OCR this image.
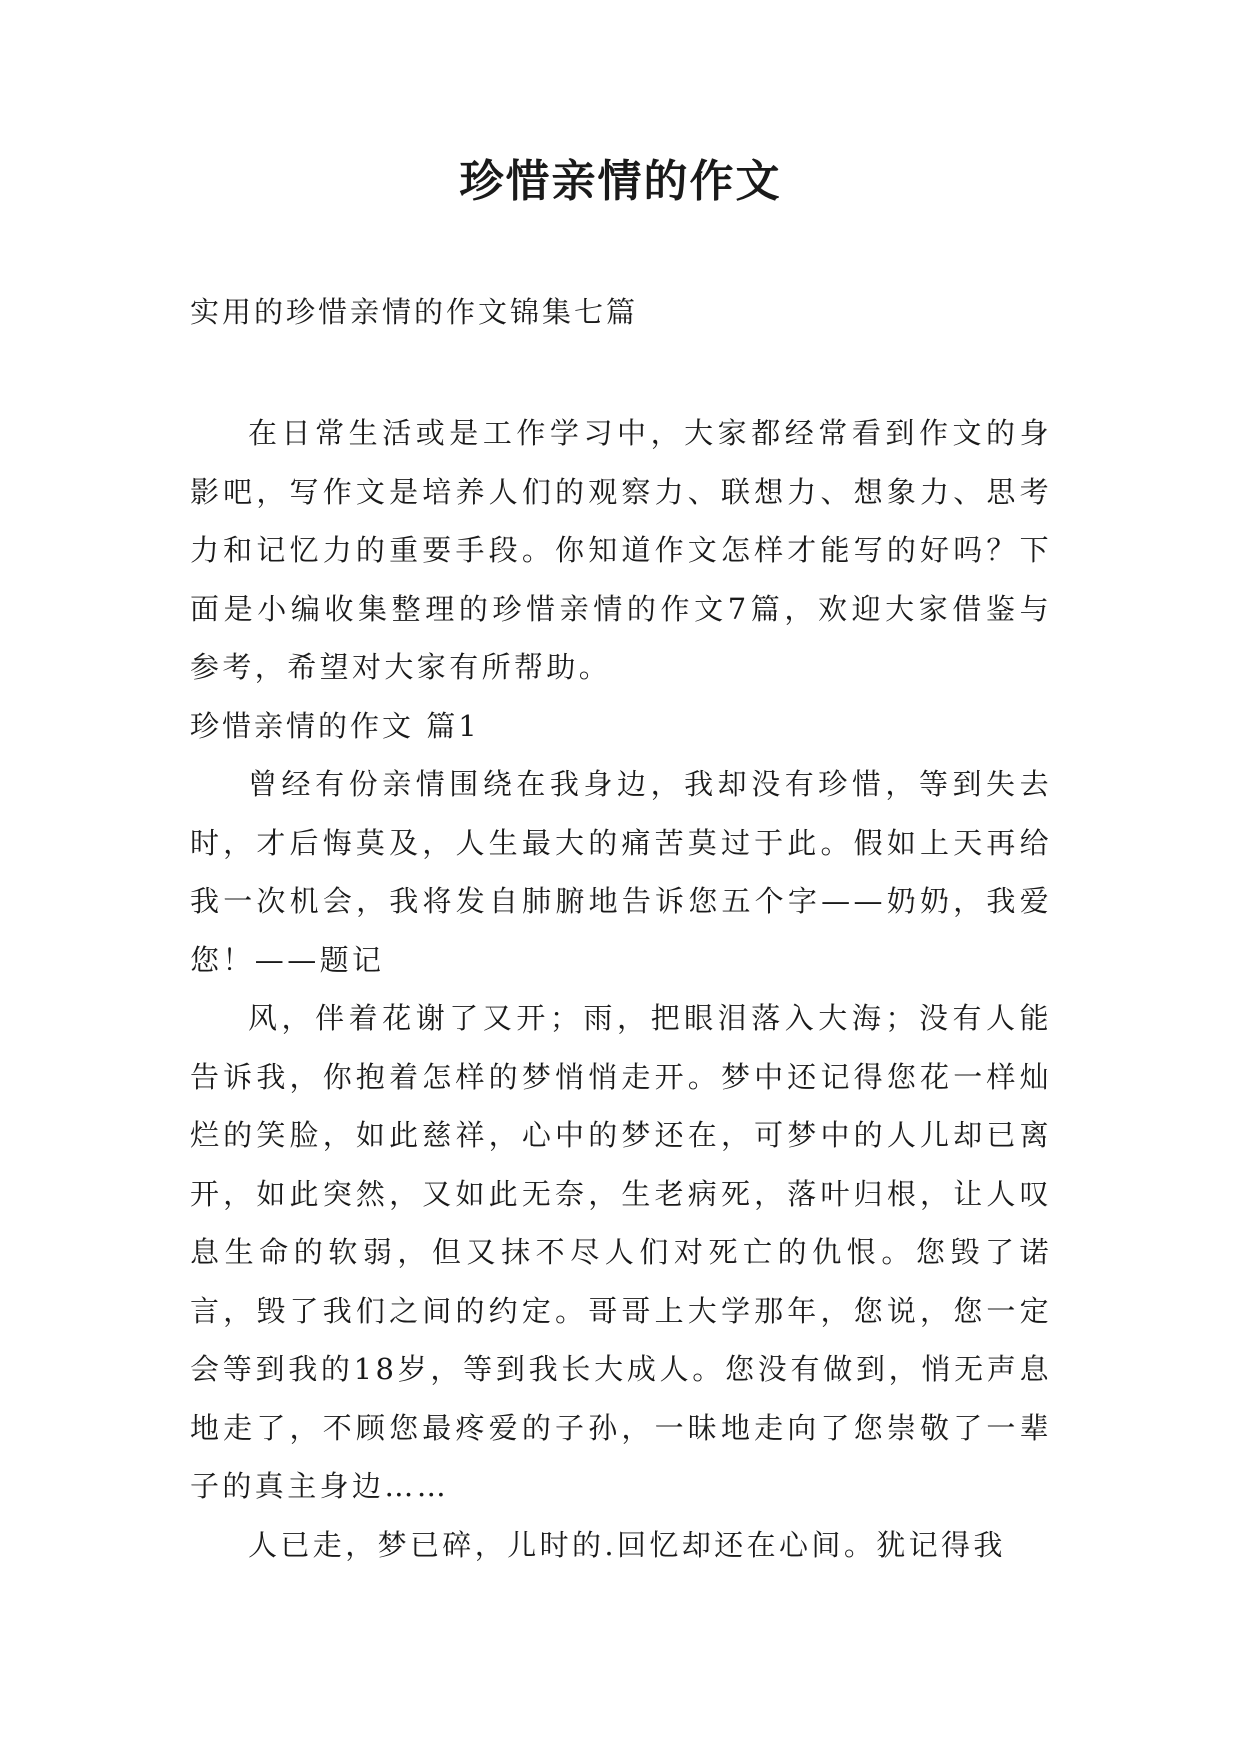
珍惜亲情的作文

实用的珍惜亲情的作文锦集七篇

在日常生活或是工作学习中，大家都经常看到作文的身影吧，写作文是培养人们的观察力、联想力、想象力、思考力和记忆力的重要手段。你知道作文怎样才能写的好吗？下面是小编收集整理的珍惜亲情的作文7篇，欢迎大家借鉴与参考，希望对大家有所帮助。

珍惜亲情的作文 篇1

曾经有份亲情围绕在我身边，我却没有珍惜，等到失去时，才后悔莫及，人生最大的痛苦莫过于此。假如上天再给我一次机会，我将发自肺腑地告诉您五个字——奶奶，我爱您！——题记

风，伴着花谢了又开；雨，把眼泪落入大海；没有人能告诉我，你抱着怎样的梦悄悄走开。梦中还记得您花一样灿烂的笑脸，如此慈祥，心中的梦还在，可梦中的人儿却已离开，如此突然，又如此无奈，生老病死，落叶归根，让人叹息生命的软弱，但又抹不尽人们对死亡的仇恨。您毁了诺言，毁了我们之间的约定。哥哥上大学那年，您说，您一定会等到我的18岁，等到我长大成人。您没有做到，悄无声息地走了，不顾您最疼爱的子孙，一昧地走向了您崇敬了一辈子的真主身边……

人已走，梦已碎，儿时的.回忆却还在心间。犹记得我
